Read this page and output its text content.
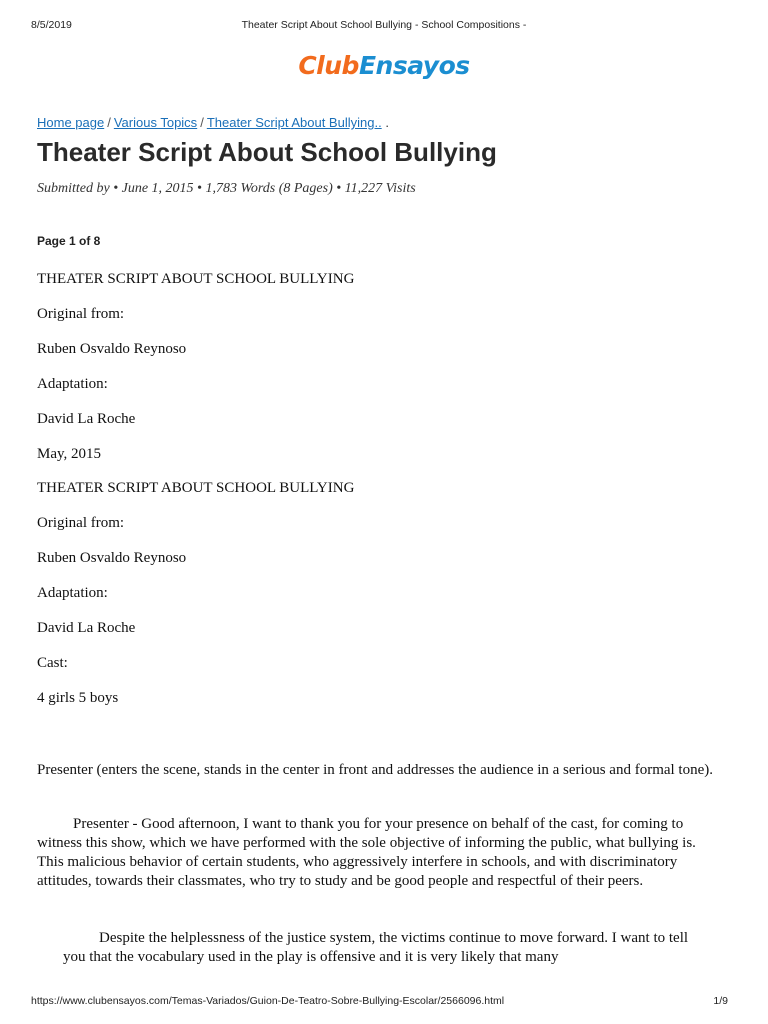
8/5/2019	Theater Script About School Bullying - School Compositions -
ClubEnsayos
Home page / Various Topics / Theater Script About Bullying.. .
Theater Script About School Bullying
Submitted by • June 1, 2015 • 1,783 Words (8 Pages) • 11,227 Visits
Page 1 of 8

THEATER SCRIPT ABOUT SCHOOL BULLYING

Original from:

Ruben Osvaldo Reynoso

Adaptation:

David La Roche

May, 2015

THEATER SCRIPT ABOUT SCHOOL BULLYING

Original from:

Ruben Osvaldo Reynoso

Adaptation:

David La Roche

Cast:

4 girls 5 boys

Presenter (enters the scene, stands in the center in front and addresses the audience in a serious and formal tone).

Presenter - Good afternoon, I want to thank you for your presence on behalf of the cast, for coming to witness this show, which we have performed with the sole objective of informing the public, what bullying is. This malicious behavior of certain students, who aggressively interfere in schools, and with discriminatory attitudes, towards their classmates, who try to study and be good people and respectful of their peers.

Despite the helplessness of the justice system, the victims continue to move forward. I want to tell you that the vocabulary used in the play is offensive and it is very likely that many

https://www.clubensayos.com/Temas-Variados/Guion-De-Teatro-Sobre-Bullying-Escolar/2566096.html	1/9
